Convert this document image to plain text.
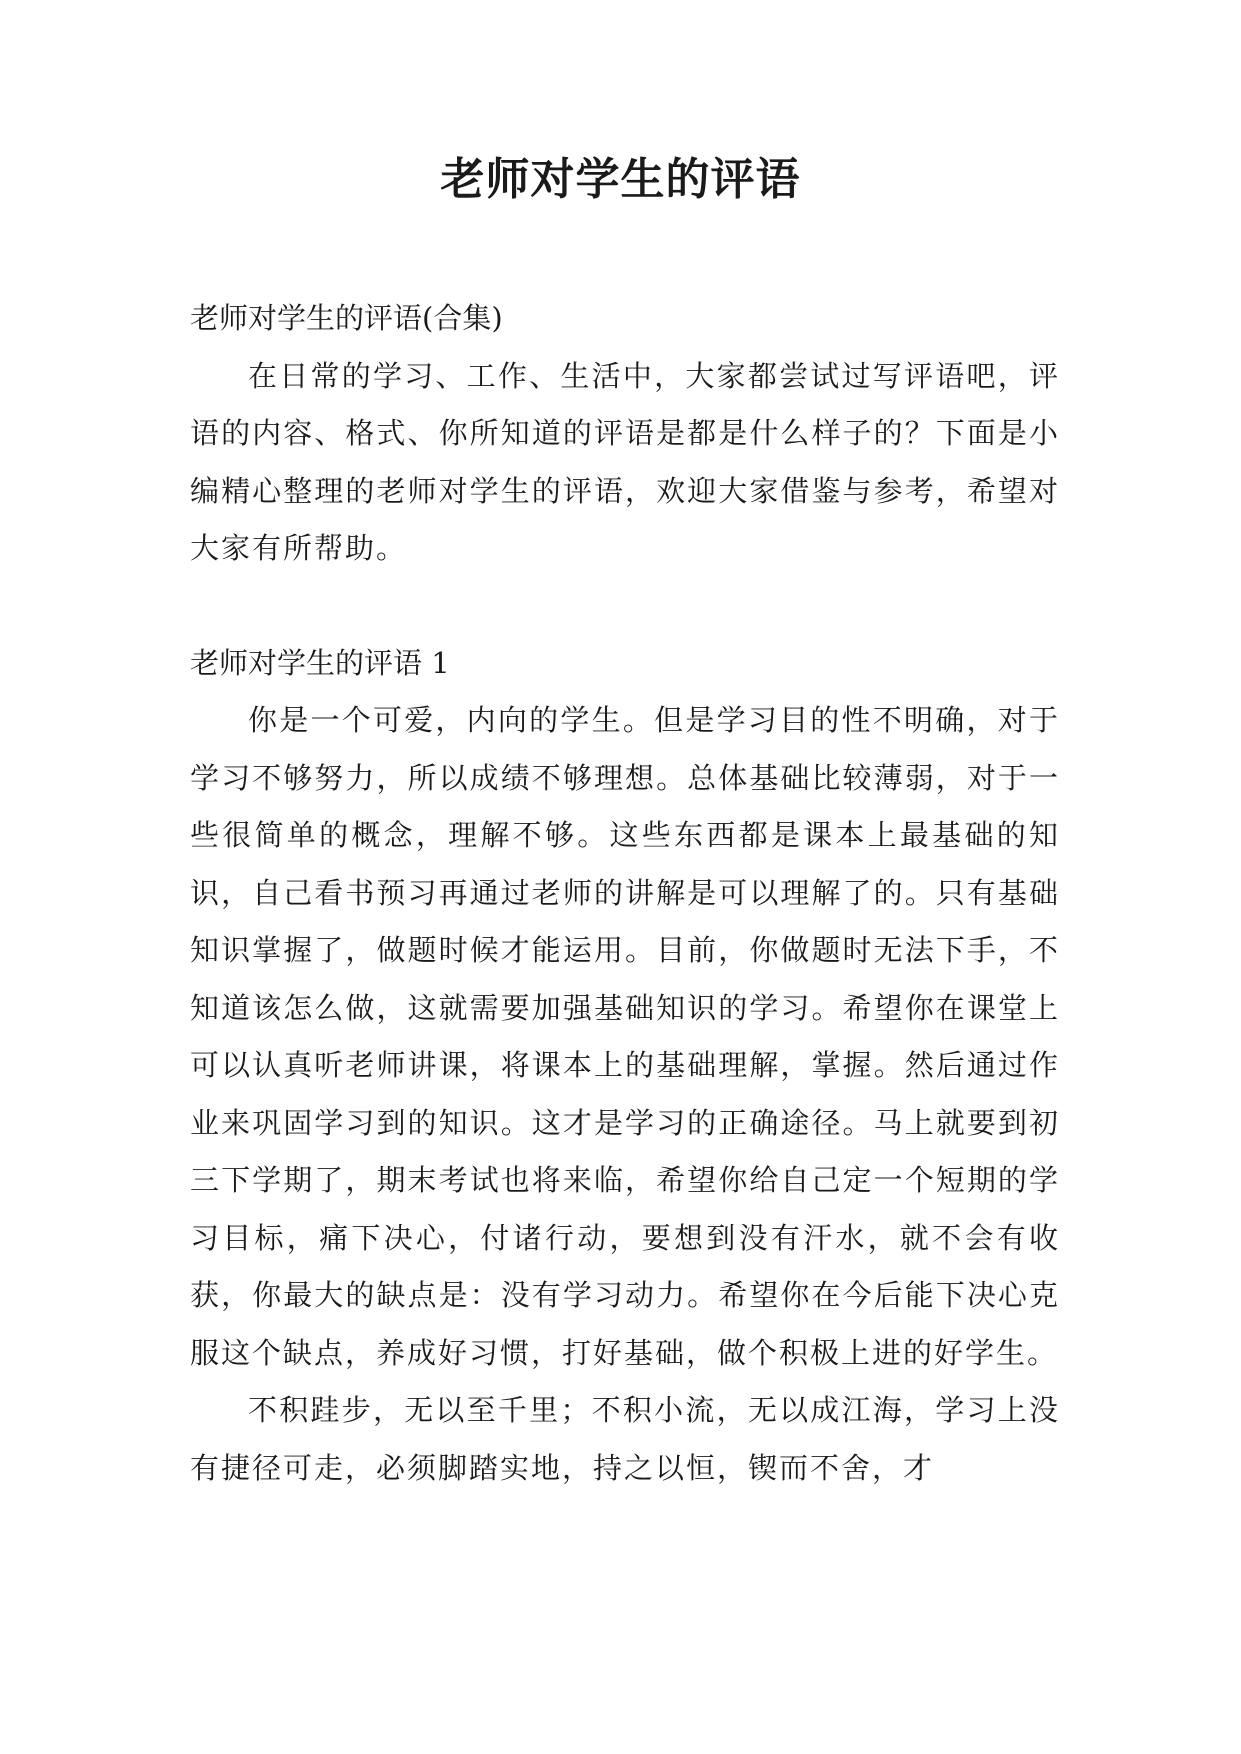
老师对学生的评语

老师对学生的评语(合集)

在日常的学习、工作、生活中，大家都尝试过写评语吧，评语的内容、格式、你所知道的评语是都是什么样子的？下面是小编精心整理的老师对学生的评语，欢迎大家借鉴与参考，希望对大家有所帮助。

老师对学生的评语 1

你是一个可爱，内向的学生。但是学习目的性不明确，对于学习不够努力，所以成绩不够理想。总体基础比较薄弱，对于一些很简单的概念，理解不够。这些东西都是课本上最基础的知识，自己看书预习再通过老师的讲解是可以理解了的。只有基础知识掌握了，做题时候才能运用。目前，你做题时无法下手，不知道该怎么做，这就需要加强基础知识的学习。希望你在课堂上可以认真听老师讲课，将课本上的基础理解，掌握。然后通过作业来巩固学习到的知识。这才是学习的正确途径。马上就要到初三下学期了，期末考试也将来临，希望你给自己定一个短期的学习目标，痛下决心，付诸行动，要想到没有汗水，就不会有收获，你最大的缺点是：没有学习动力。希望你在今后能下决心克服这个缺点，养成好习惯，打好基础，做个积极上进的好学生。

不积跬步，无以至千里；不积小流，无以成江海，学习上没有捷径可走，必须脚踏实地，持之以恒，锲而不舍，才
